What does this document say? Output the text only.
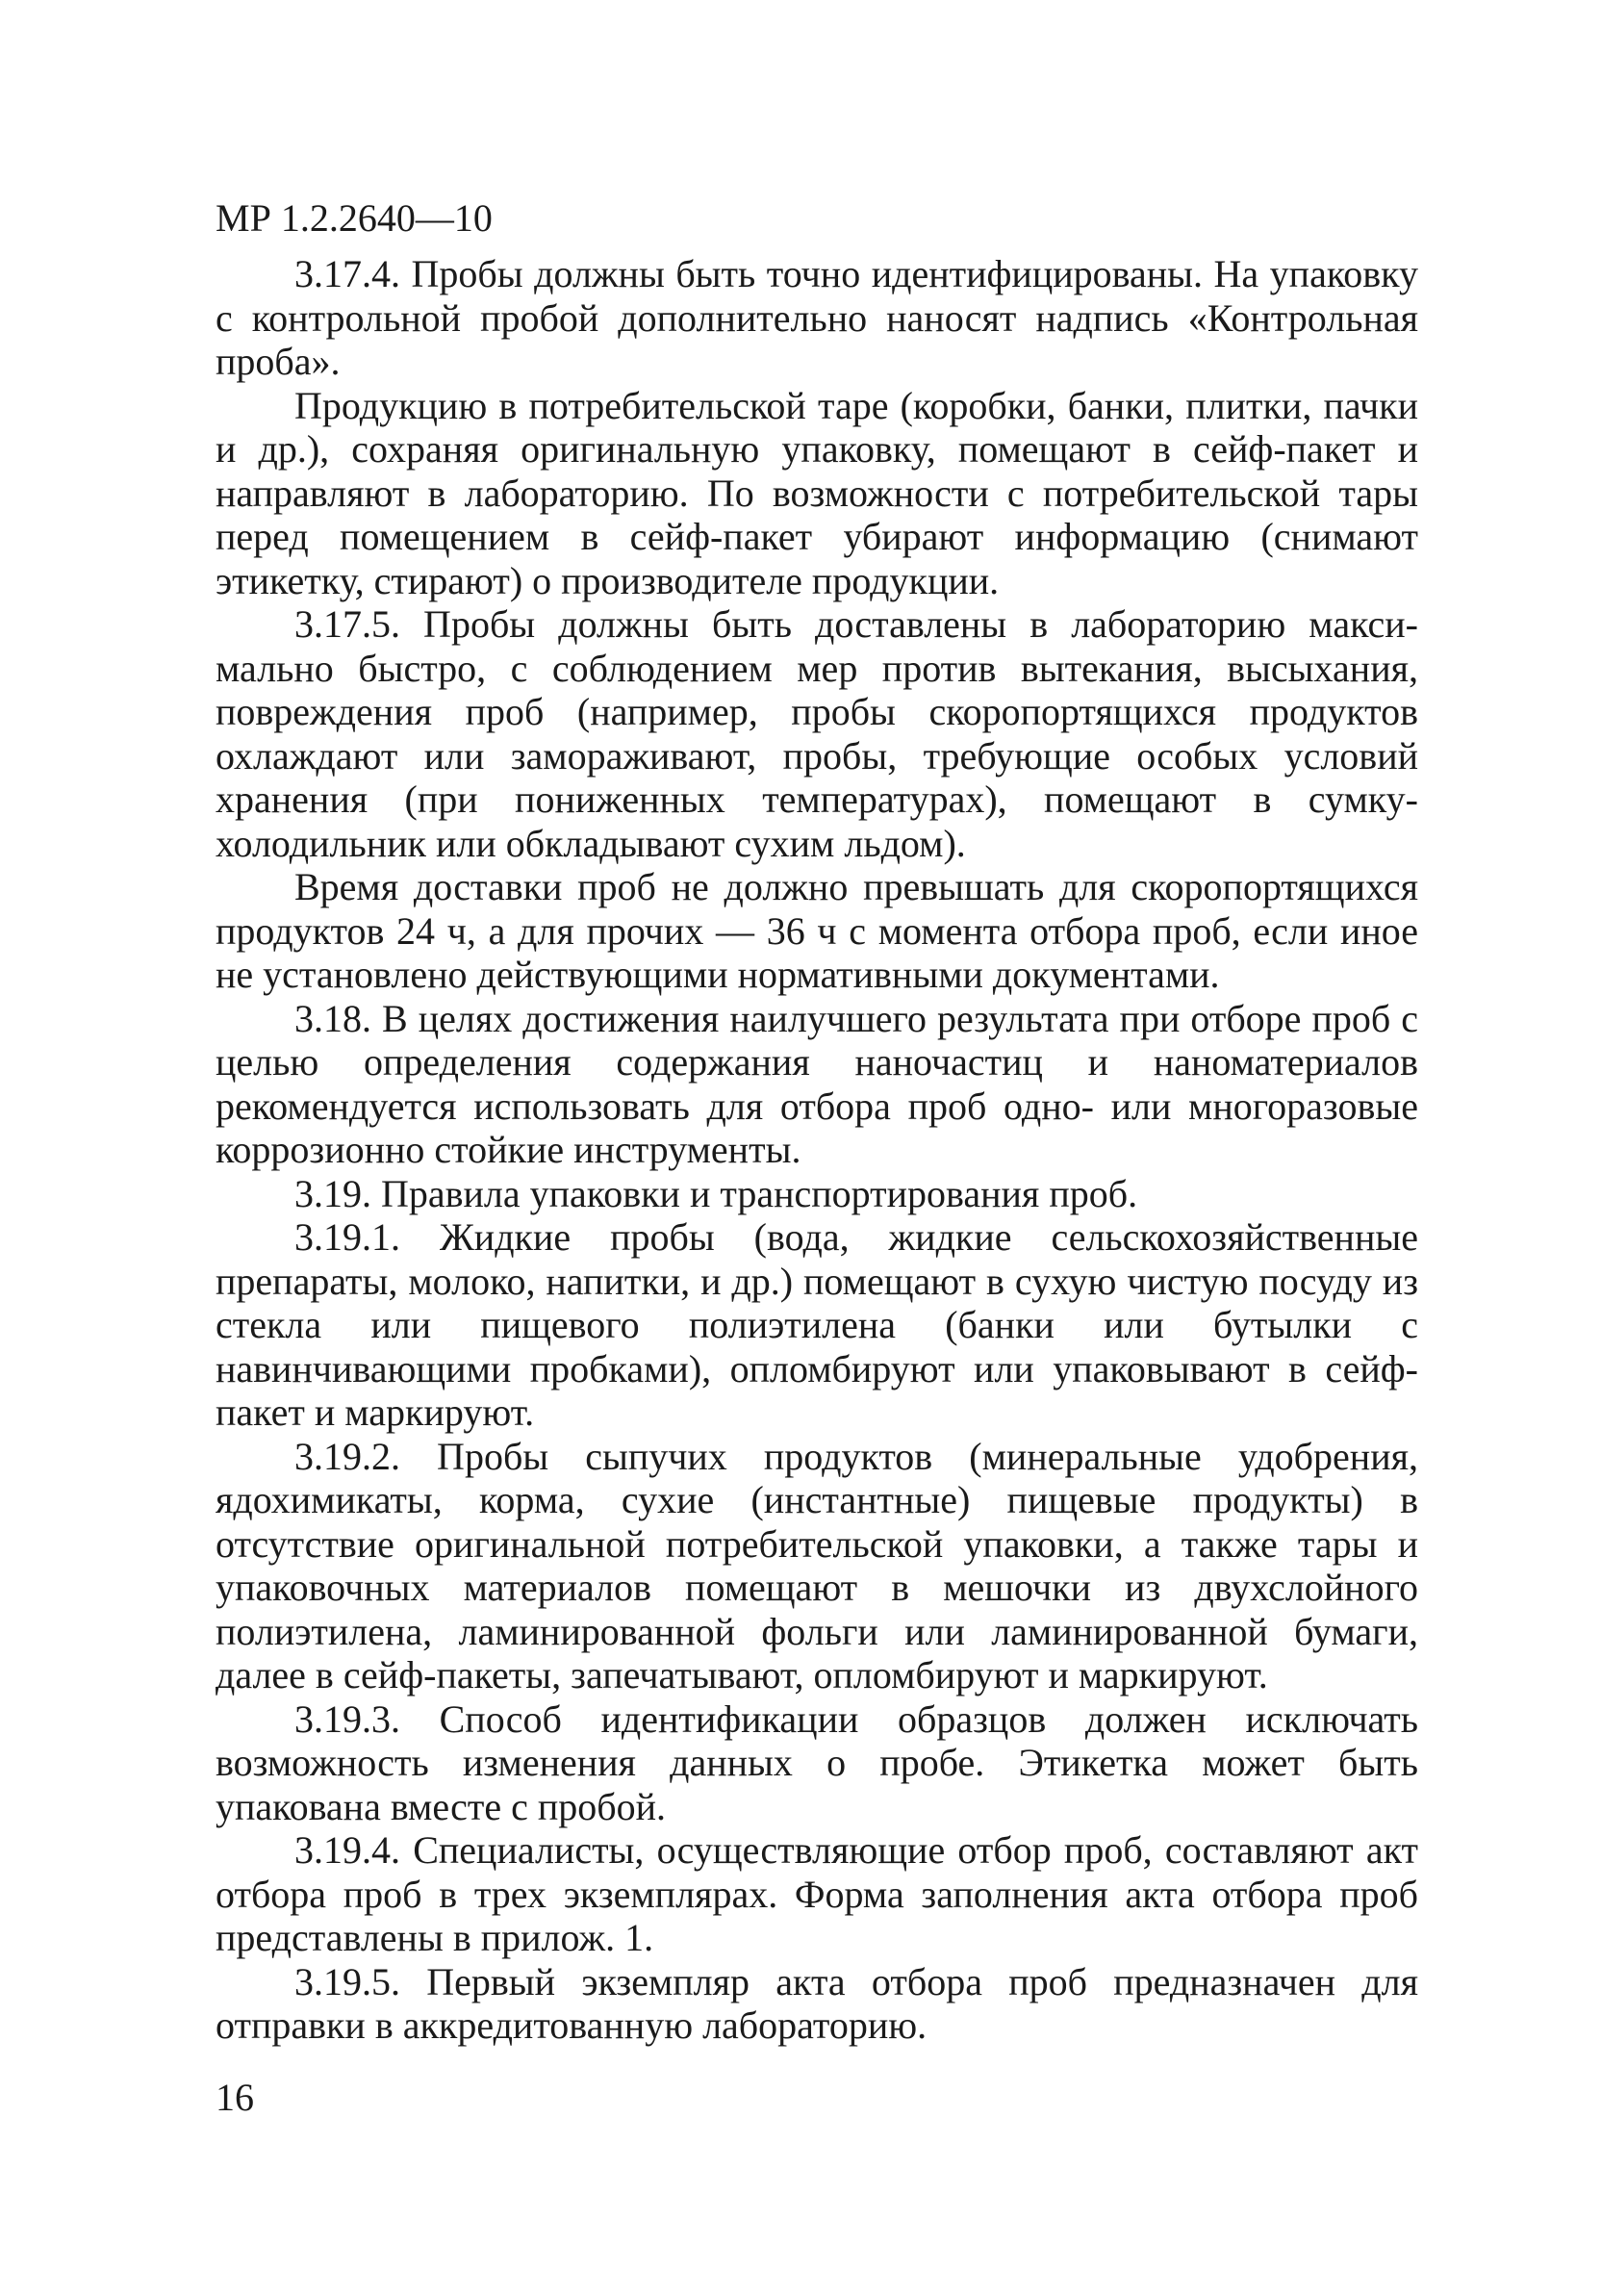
МР 1.2.2640—10

3.17.4. Пробы должны быть точно идентифицированы. На упаковку с контрольной пробой дополнительно наносят надпись «Контрольная проба».

Продукцию в потребительской таре (коробки, банки, плитки, пачки и др.), сохраняя оригинальную упаковку, помещают в сейф-пакет и направляют в лабораторию. По возможности с потребительской тары перед помещением в сейф-пакет убирают информацию (снимают этикетку, стирают) о производителе продукции.

3.17.5. Пробы должны быть доставлены в лабораторию максимально быстро, с соблюдением мер против вытекания, высыхания, повреждения проб (например, пробы скоропортящихся продуктов охлаждают или замораживают, пробы, требующие особых условий хранения (при пониженных температурах), помещают в сумку-холодильник или обкладывают сухим льдом).

Время доставки проб не должно превышать для скоропортящихся продуктов 24 ч, а для прочих — 36 ч с момента отбора проб, если иное не установлено действующими нормативными документами.

3.18. В целях достижения наилучшего результата при отборе проб с целью определения содержания наночастиц и наноматериалов рекомендуется использовать для отбора проб одно- или многоразовые коррозионно стойкие инструменты.

3.19. Правила упаковки и транспортирования проб.

3.19.1. Жидкие пробы (вода, жидкие сельскохозяйственные препараты, молоко, напитки, и др.) помещают в сухую чистую посуду из стекла или пищевого полиэтилена (банки или бутылки с навинчивающими пробками), опломбируют или упаковывают в сейф-пакет и маркируют.

3.19.2. Пробы сыпучих продуктов (минеральные удобрения, ядохимикаты, корма, сухие (инстантные) пищевые продукты) в отсутствие оригинальной потребительской упаковки, а также тары и упаковочных материалов помещают в мешочки из двухслойного полиэтилена, ламинированной фольги или ламинированной бумаги, далее в сейф-пакеты, запечатывают, опломбируют и маркируют.

3.19.3. Способ идентификации образцов должен исключать возможность изменения данных о пробе. Этикетка может быть упакована вместе с пробой.

3.19.4. Специалисты, осуществляющие отбор проб, составляют акт отбора проб в трех экземплярах. Форма заполнения акта отбора проб представлены в прилож. 1.

3.19.5. Первый экземпляр акта отбора проб предназначен для отправки в аккредитованную лабораторию.

16
